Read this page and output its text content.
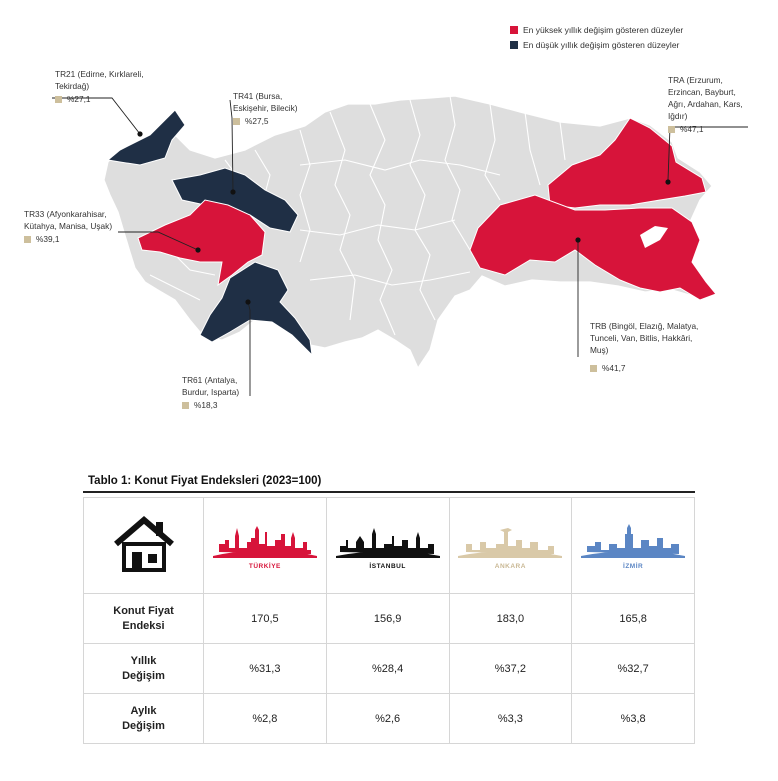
En yüksek yıllık değişim gösteren düzeyler
En düşük yıllık değişim gösteren düzeyler
TR21 (Edirne, Kırklareli,
Tekirdağ)
%27,1	TR41 (Bursa,
Eskişehir, Bilecik)
%27,5
TR33 (Afyonkarahisar,
Kütahya, Manisa, Uşak)
%39,1
TR61 (Antalya,
Burdur, Isparta)
%18,3
TRA (Erzurum,
Erzincan, Bayburt,
Ağrı, Ardahan, Kars,
Iğdır)
%47,1
TRB (Bingöl, Elazığ, Malatya,
Tunceli, Van, Bitlis, Hakkâri,
Muş)
%41,7
Tablo 1: Konut Fiyat Endeksleri (2023=100)

TÜRKİYE	İSTANBUL	ANKARA	İZMİR

Konut Fiyat
Endeksi	170,5	156,9	183,0	165,8

Yıllık
Değişim	%31,3	%28,4	%37,2	%32,7

Aylık
Değişim	%2,8	%2,6	%3,3	%3,8
